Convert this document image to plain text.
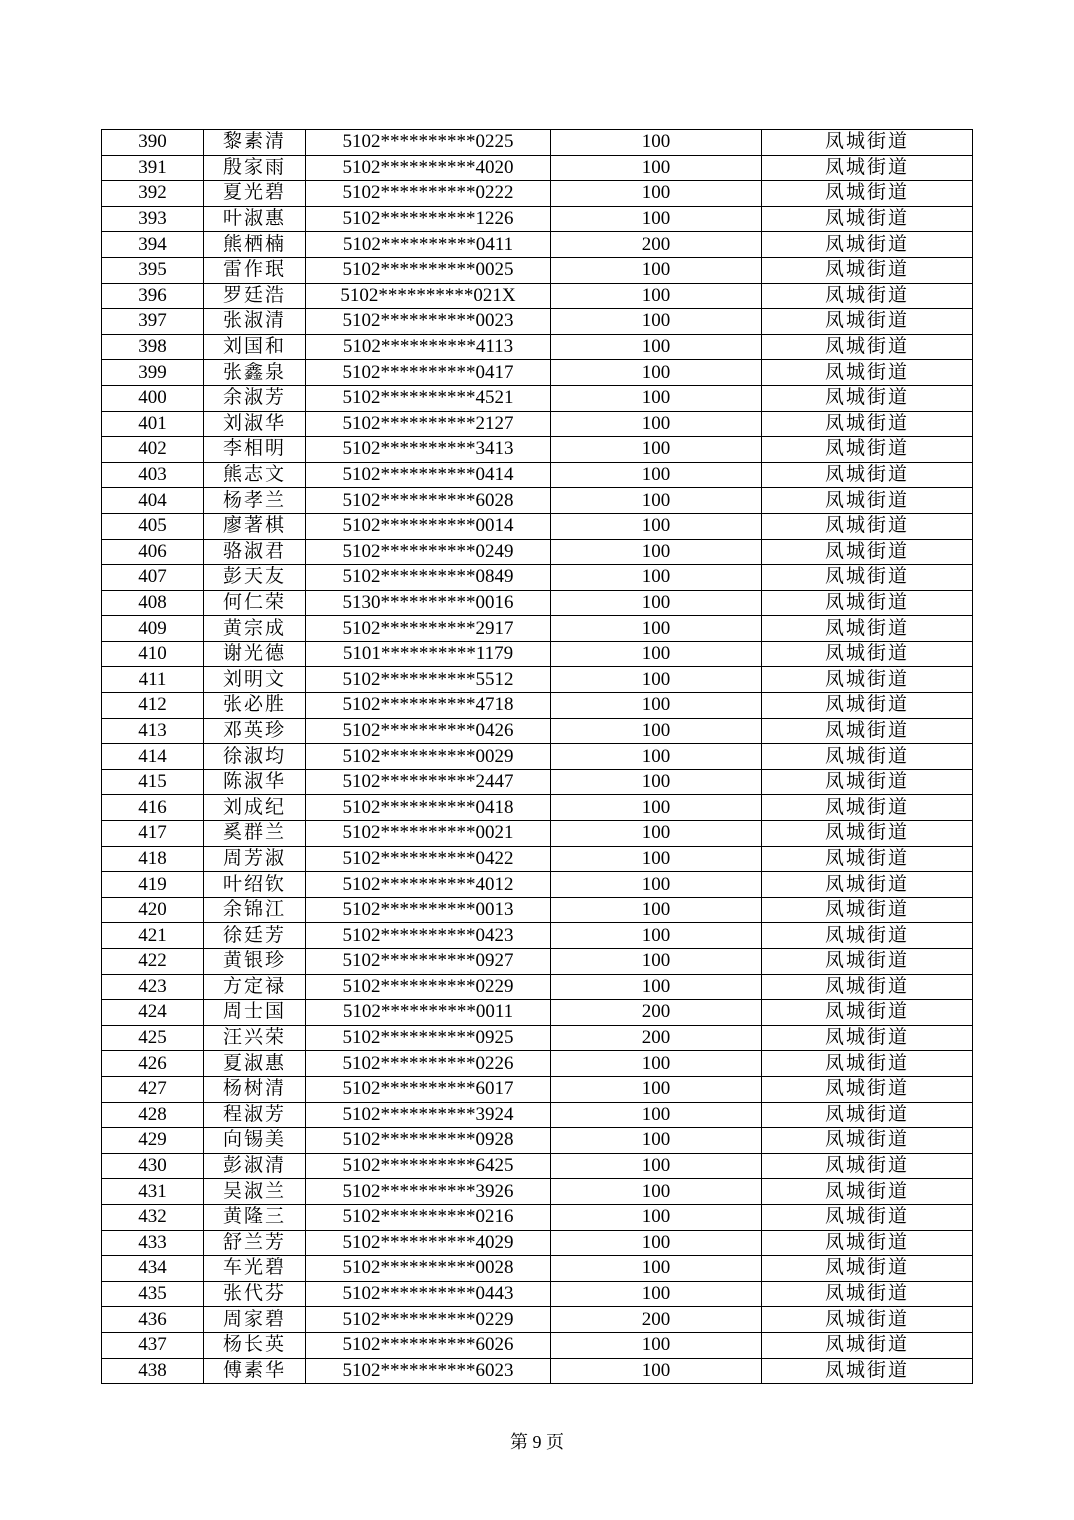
390	黎素清	5102**********0225	100	凤城街道
391	殷家雨	5102**********4020	100	凤城街道
392	夏光碧	5102**********0222	100	凤城街道
393	叶淑惠	5102**********1226	100	凤城街道
394	熊栖楠	5102**********0411	200	凤城街道
395	雷作珉	5102**********0025	100	凤城街道
396	罗廷浩	5102**********021X	100	凤城街道
397	张淑清	5102**********0023	100	凤城街道
398	刘国和	5102**********4113	100	凤城街道
399	张鑫泉	5102**********0417	100	凤城街道
400	余淑芳	5102**********4521	100	凤城街道
401	刘淑华	5102**********2127	100	凤城街道
402	李相明	5102**********3413	100	凤城街道
403	熊志文	5102**********0414	100	凤城街道
404	杨孝兰	5102**********6028	100	凤城街道
405	廖著棋	5102**********0014	100	凤城街道
406	骆淑君	5102**********0249	100	凤城街道
407	彭天友	5102**********0849	100	凤城街道
408	何仁荣	5130**********0016	100	凤城街道
409	黄宗成	5102**********2917	100	凤城街道
410	谢光德	5101**********1179	100	凤城街道
411	刘明文	5102**********5512	100	凤城街道
412	张必胜	5102**********4718	100	凤城街道
413	邓英珍	5102**********0426	100	凤城街道
414	徐淑均	5102**********0029	100	凤城街道
415	陈淑华	5102**********2447	100	凤城街道
416	刘成纪	5102**********0418	100	凤城街道
417	奚群兰	5102**********0021	100	凤城街道
418	周芳淑	5102**********0422	100	凤城街道
419	叶绍钦	5102**********4012	100	凤城街道
420	余锦江	5102**********0013	100	凤城街道
421	徐廷芳	5102**********0423	100	凤城街道
422	黄银珍	5102**********0927	100	凤城街道
423	方定禄	5102**********0229	100	凤城街道
424	周士国	5102**********0011	200	凤城街道
425	汪兴荣	5102**********0925	200	凤城街道
426	夏淑惠	5102**********0226	100	凤城街道
427	杨树清	5102**********6017	100	凤城街道
428	程淑芳	5102**********3924	100	凤城街道
429	向锡美	5102**********0928	100	凤城街道
430	彭淑清	5102**********6425	100	凤城街道
431	吴淑兰	5102**********3926	100	凤城街道
432	黄隆三	5102**********0216	100	凤城街道
433	舒兰芳	5102**********4029	100	凤城街道
434	车光碧	5102**********0028	100	凤城街道
435	张代芬	5102**********0443	100	凤城街道
436	周家碧	5102**********0229	200	凤城街道
437	杨长英	5102**********6026	100	凤城街道
438	傅素华	5102**********6023	100	凤城街道
第 9 页
